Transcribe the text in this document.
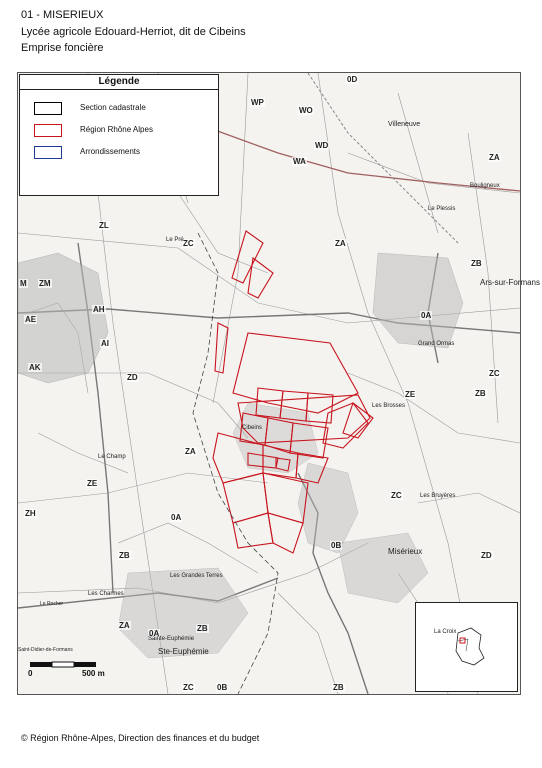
01 - MISERIEUX
Lycée agricole Edouard-Herriot, dit de Cibeins
Emprise foncière
Légende
Section cadastrale
Région Rhône Alpes
Arrondissements
0	500 m
0D
WP
WO
WD
WA	ZA
ZL
ZC	ZA
ZB
M ZM
AE
AH
AI
AK
ZD
ZB
0A
ZC
ZE
ZA
ZE
ZH	0A
ZC
ZB
0B
ZD
ZA	ZB
0A
ZC	0B	ZB
Villeneuve
Bouligneux
Le Plessis
Ars-sur-Formans
Grand Ormas
Cibeins
Misérieux
Sainte-Euphémie
Ste-Euphémie
Saint-Didier-de-Formans
Les Charmes
Le Champ
Le Pré
Le Rocher
Les Brosses
Les Bruyères
Les Grandes Terres
La Croix
© Région Rhône-Alpes, Direction des finances et du budget
